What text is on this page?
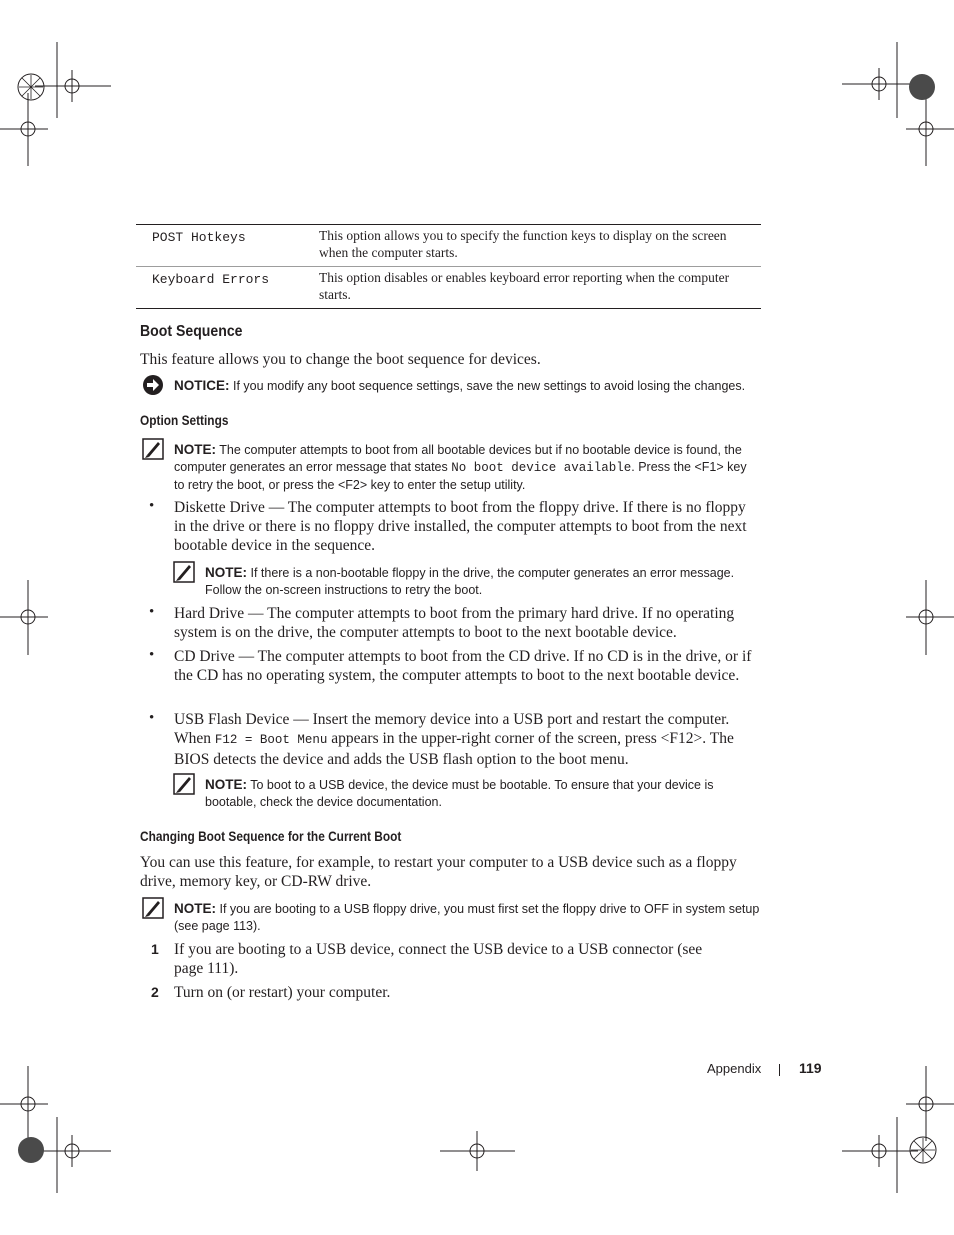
POST Hotkeys	This option allows you to specify the function keys to display on the screen when the computer starts.
Keyboard Errors	This option disables or enables keyboard error reporting when the computer starts.
Boot Sequence
This feature allows you to change the boot sequence for devices.
NOTICE: If you modify any boot sequence settings, save the new settings to avoid losing the changes.
Option Settings
NOTE: The computer attempts to boot from all bootable devices but if no bootable device is found, the computer generates an error message that states No boot device available. Press the <F1> key to retry the boot, or press the <F2> key to enter the setup utility.
• Diskette Drive — The computer attempts to boot from the floppy drive. If there is no floppy in the drive or there is no floppy drive installed, the computer attempts to boot from the next bootable device in the sequence.
NOTE: If there is a non-bootable floppy in the drive, the computer generates an error message. Follow the on-screen instructions to retry the boot.
• Hard Drive — The computer attempts to boot from the primary hard drive. If no operating system is on the drive, the computer attempts to boot to the next bootable device.
• CD Drive — The computer attempts to boot from the CD drive. If no CD is in the drive, or if the CD has no operating system, the computer attempts to boot to the next bootable device.
• USB Flash Device — Insert the memory device into a USB port and restart the computer. When F12 = Boot Menu appears in the upper-right corner of the screen, press <F12>. The BIOS detects the device and adds the USB flash option to the boot menu.
NOTE: To boot to a USB device, the device must be bootable. To ensure that your device is bootable, check the device documentation.
Changing Boot Sequence for the Current Boot
You can use this feature, for example, to restart your computer to a USB device such as a floppy drive, memory key, or CD-RW drive.
NOTE: If you are booting to a USB floppy drive, you must first set the floppy drive to OFF in system setup (see page 113).
1 If you are booting to a USB device, connect the USB device to a USB connector (see page 111).
2 Turn on (or restart) your computer.
Appendix	119
